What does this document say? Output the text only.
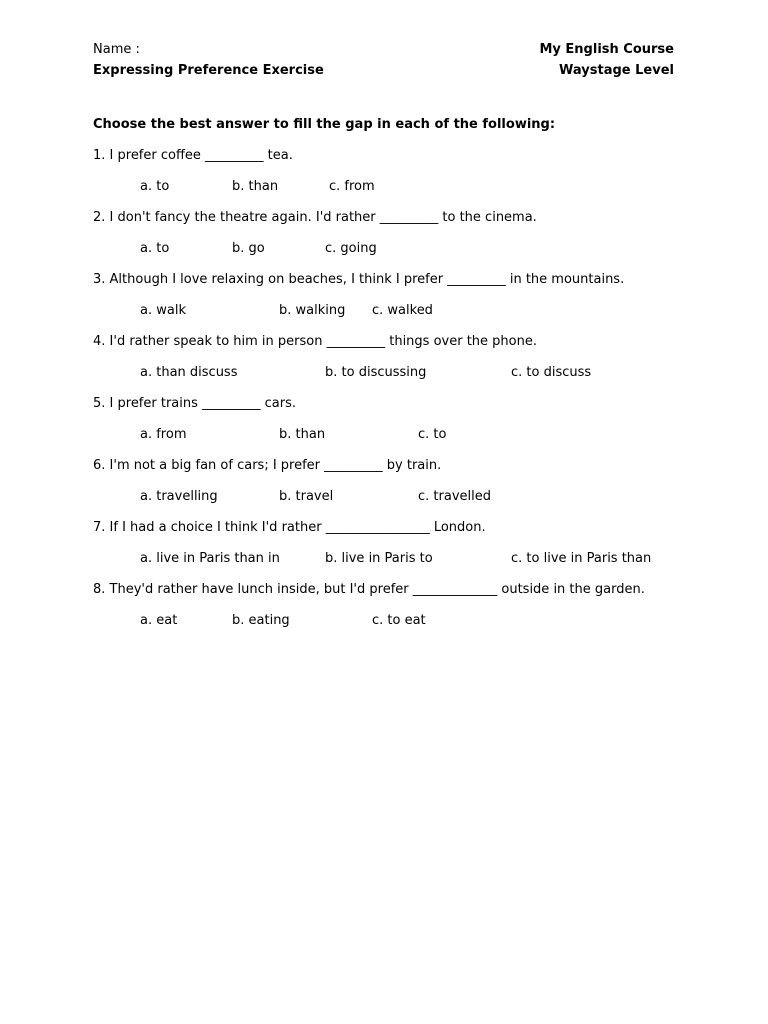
Name :
Expressing Preference Exercise
My English Course
Waystage Level
Choose the best answer to fill the gap in each of the following:
1. I prefer coffee _________ tea.
a. to	b. than	c. from
2. I don't fancy the theatre again. I'd rather _________ to the cinema.
a. to	b. go	c. going
3. Although I love relaxing on beaches, I think I prefer _________ in the mountains.
a. walk	b. walking c. walked
4. I'd rather speak to him in person _________ things over the phone.
a. than discuss	b. to discussing	c. to discuss
5. I prefer trains _________ cars.
a. from	b. than	c. to
6. I'm not a big fan of cars; I prefer _________ by train.
a. travelling	b. travel	c. travelled
7. If I had a choice I think I'd rather ________________ London.
a. live in Paris than in	b. live in Paris to	c. to live in Paris than
8. They'd rather have lunch inside, but I'd prefer _____________ outside in the garden.
a. eat	b. eating	c. to eat
